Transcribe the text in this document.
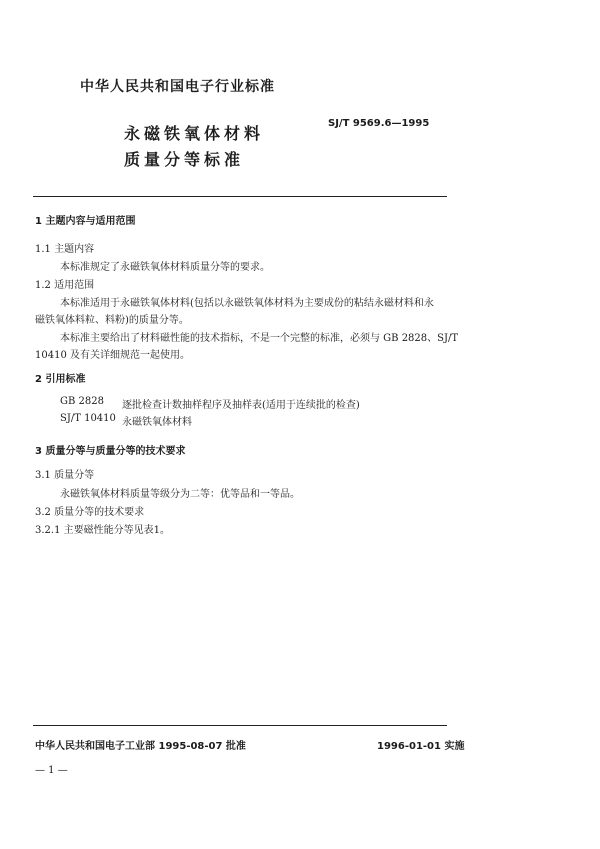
中华人民共和国电子行业标准
永磁铁氧体材料
质量分等标准
SJ/T 9569.6—1995
1 主题内容与适用范围
1.1 主题内容
本标准规定了永磁铁氧体材料质量分等的要求。
1.2 适用范围
本标准适用于永磁铁氧体材料(包括以永磁铁氧体材料为主要成份的粘结永磁材料和永
磁铁氧体料粒、料粉)的质量分等。
本标准主要给出了材料磁性能的技术指标，不是一个完整的标准，必须与 GB 2828、SJ/T
10410 及有关详细规范一起使用。
2 引用标准
GB 2828 逐批检查计数抽样程序及抽样表(适用于连续批的检查)
SJ/T 10410 永磁铁氧体材料
3 质量分等与质量分等的技术要求
3.1 质量分等
永磁铁氧体材料质量等级分为二等：优等品和一等品。
3.2 质量分等的技术要求
3.2.1 主要磁性能分等见表1。
中华人民共和国电子工业部 1995-08-07 批准	1996-01-01 实施
— 1 —
